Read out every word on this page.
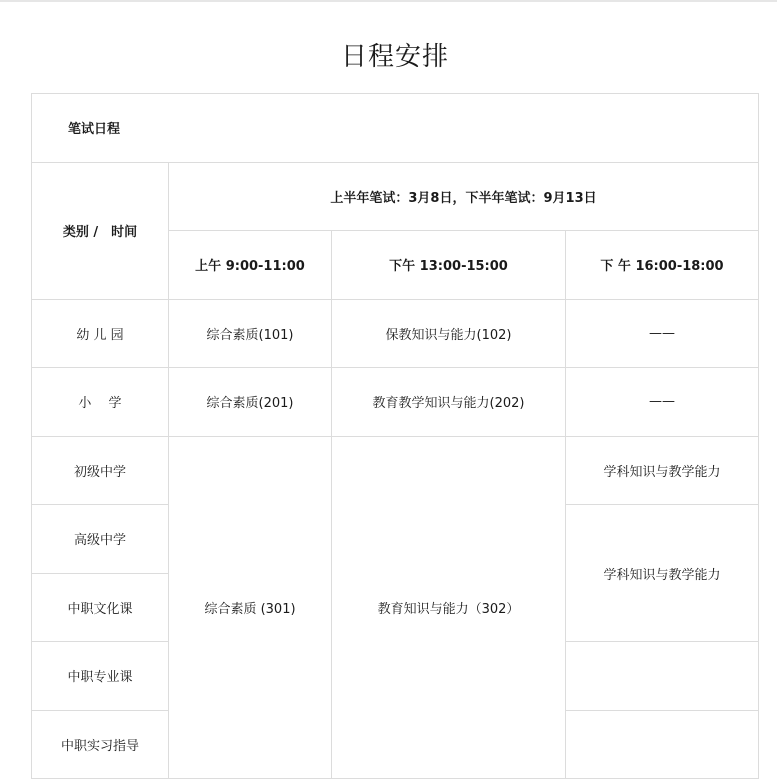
日程安排
笔试日程			
类别 /　时间	上半年笔试：3月8日，下半年笔试：9月13日		
	上午 9:00-11:00	下午 13:00-15:00	下 午 16:00-18:00
幼 儿 园	综合素质(101)	保教知识与能力(102)	——
小　 学	综合素质(201)	教育教学知识与能力(202)	——
初级中学	综合素质 (301)	教育知识与能力（302）	学科知识与教学能力
高级中学			学科知识与教学能力
中职文化课			
中职专业课			
中职实习指导			
